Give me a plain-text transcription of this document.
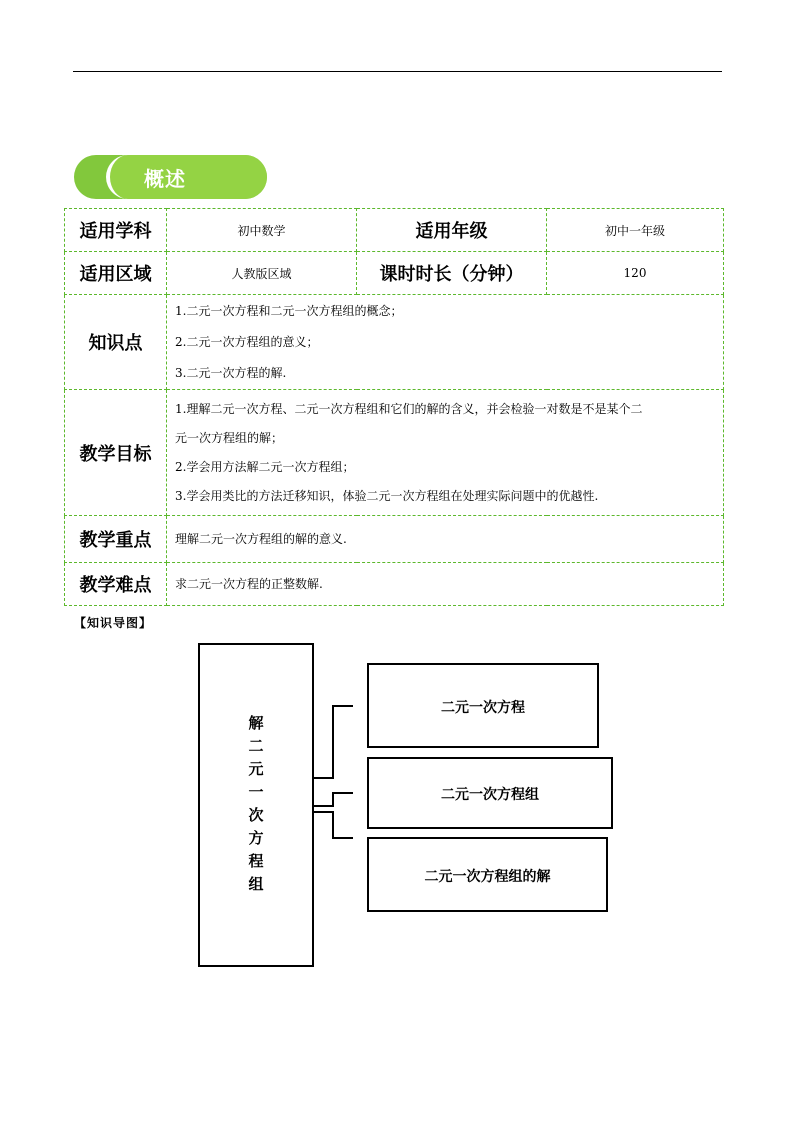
概述
适用学科	初中数学	适用年级	初中一年级
适用区域	人教版区域	课时时长（分钟）	120
知识点	1.二元一次方程和二元一次方程组的概念；

2.二元一次方程组的意义；

3.二元一次方程的解.		

教学目标	1.理解二元一次方程、二元一次方程组和它们的解的含义，并会检验一对数是不是某个二

元一次方程组的解；

2.学会用方法解二元一次方程组；

3.学会用类比的方法迁移知识，体验二元一次方程组在处理实际问题中的优越性.		

教学重点	理解二元一次方程组的解的意义.		
教学难点	求二元一次方程的正整数解.		
【知识导图】
解
二
元
一
次
方
程
组
二元一次方程
二元一次方程组
二元一次方程组的解
